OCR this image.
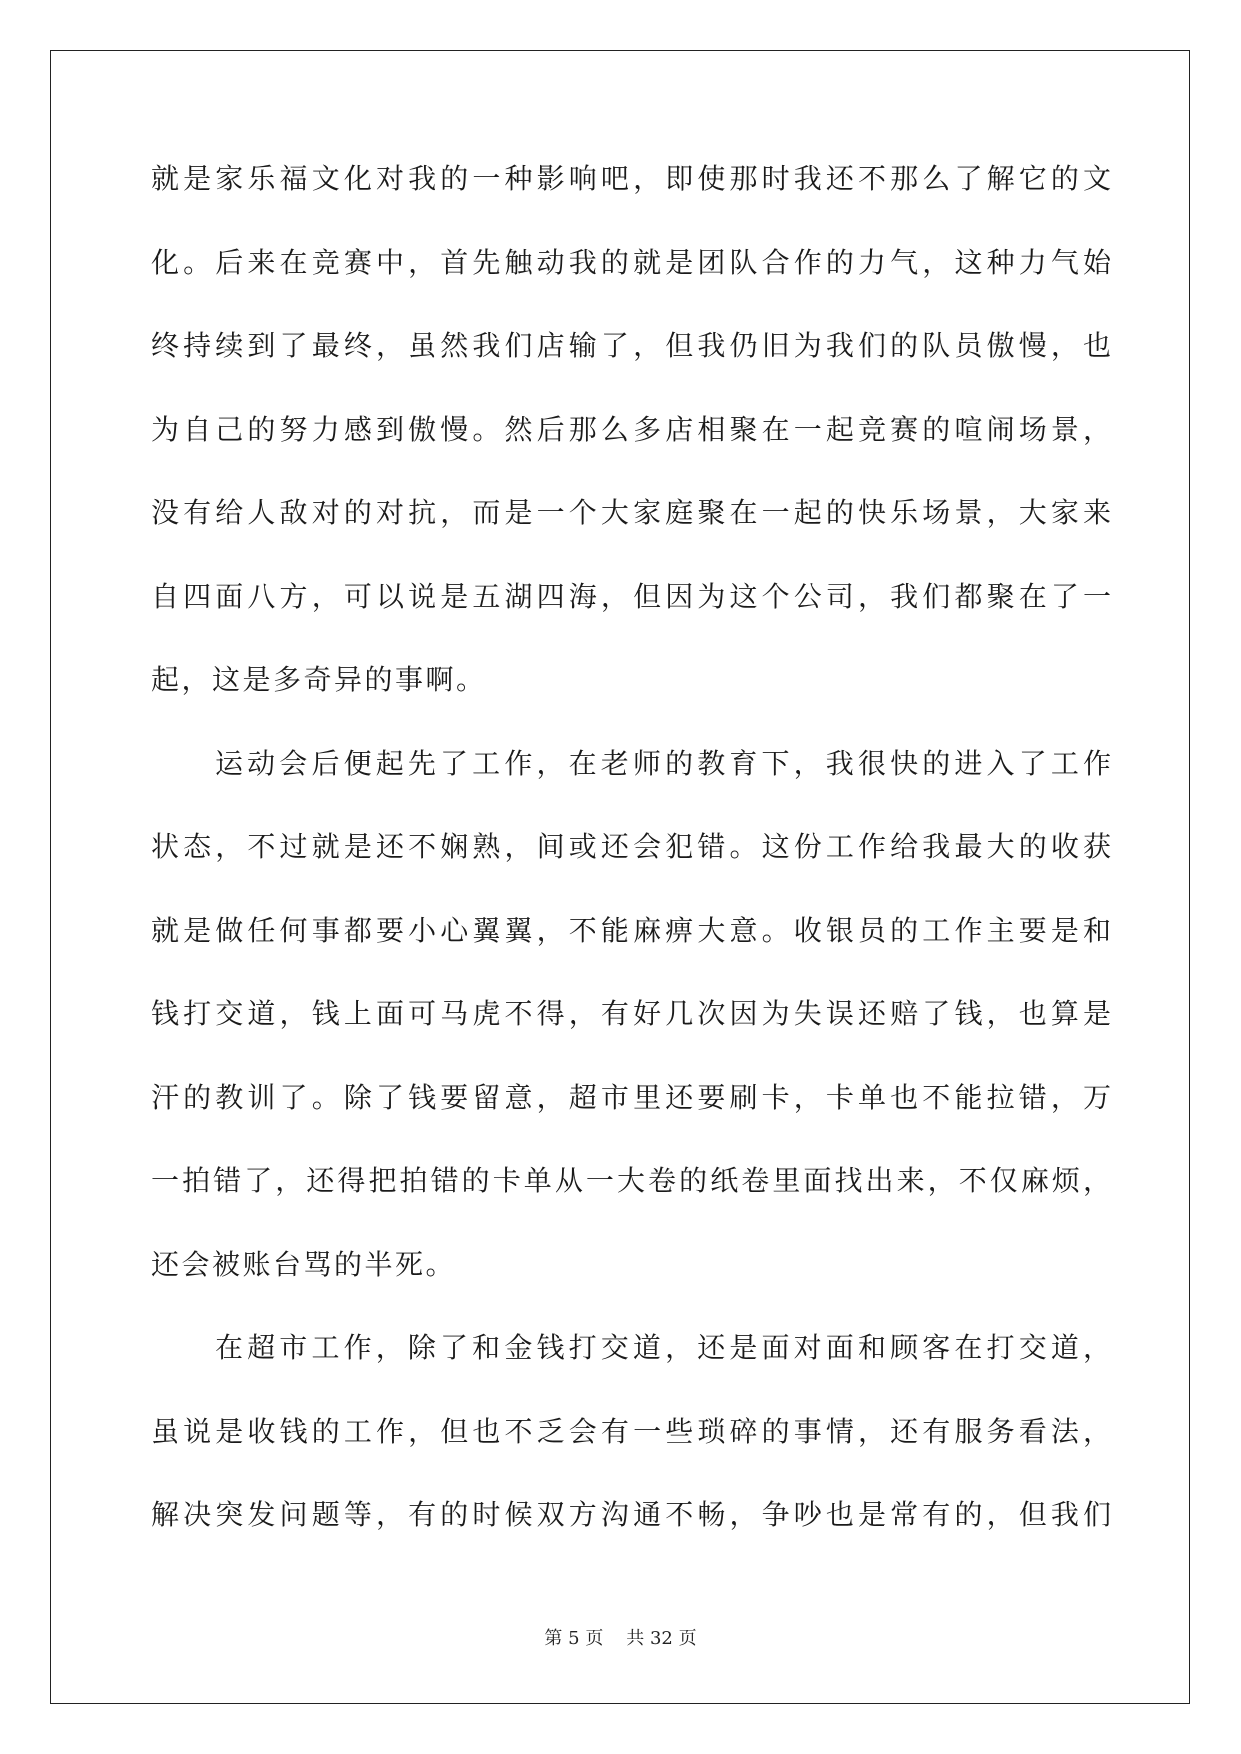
就是家乐福文化对我的一种影响吧，即使那时我还不那么了解它的文
化。后来在竞赛中，首先触动我的就是团队合作的力气，这种力气始
终持续到了最终，虽然我们店输了，但我仍旧为我们的队员傲慢，也
为自己的努力感到傲慢。然后那么多店相聚在一起竞赛的喧闹场景，
没有给人敌对的对抗，而是一个大家庭聚在一起的快乐场景，大家来
自四面八方，可以说是五湖四海，但因为这个公司，我们都聚在了一
起，这是多奇异的事啊。
运动会后便起先了工作，在老师的教育下，我很快的进入了工作
状态，不过就是还不娴熟，间或还会犯错。这份工作给我最大的收获
就是做任何事都要小心翼翼，不能麻痹大意。收银员的工作主要是和
钱打交道，钱上面可马虎不得，有好几次因为失误还赔了钱，也算是
汗的教训了。除了钱要留意，超市里还要刷卡，卡单也不能拉错，万
一拍错了，还得把拍错的卡单从一大卷的纸卷里面找出来，不仅麻烦，
还会被账台骂的半死。
在超市工作，除了和金钱打交道，还是面对面和顾客在打交道，
虽说是收钱的工作，但也不乏会有一些琐碎的事情，还有服务看法，
解决突发问题等，有的时候双方沟通不畅，争吵也是常有的，但我们
第 5 页 共 32 页
